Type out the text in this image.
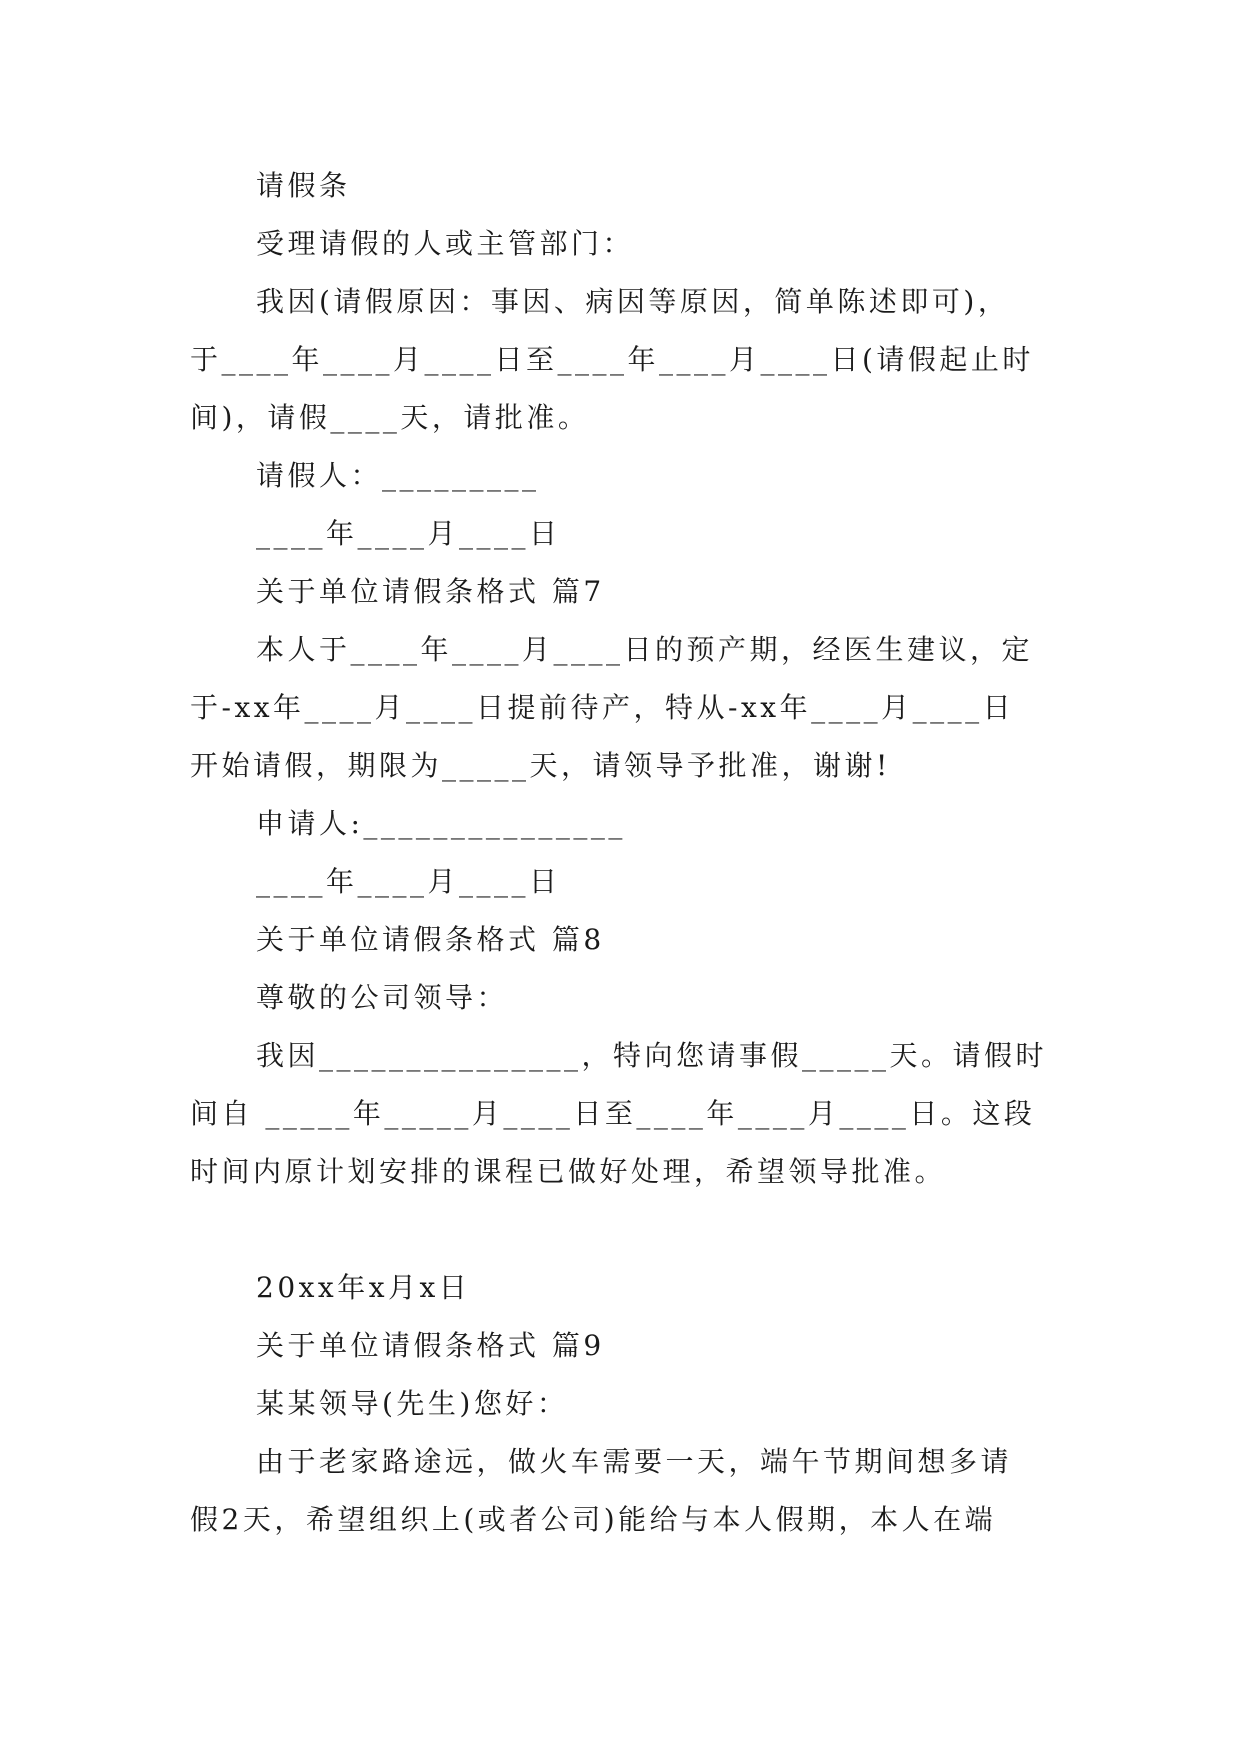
请假条
受理请假的人或主管部门：
我因(请假原因：事因、病因等原因，简单陈述即可)，
于____年____月____日至____年____月____日(请假起止时
间)，请假____天，请批准。
请假人：_________
____年____月____日
关于单位请假条格式 篇7
本人于____年____月____日的预产期，经医生建议，定
于-xx年____月____日提前待产，特从-xx年____月____日
开始请假，期限为_____天，请领导予批准，谢谢!
申请人:_______________
____年____月____日
关于单位请假条格式 篇8
尊敬的公司领导：
我因_______________，特向您请事假_____天。请假时
间自 _____年_____月____日至____年____月____日。这段
时间内原计划安排的课程已做好处理，希望领导批准。
20xx年x月x日
关于单位请假条格式 篇9
某某领导(先生)您好：
由于老家路途远，做火车需要一天，端午节期间想多请
假2天，希望组织上(或者公司)能给与本人假期，本人在端
